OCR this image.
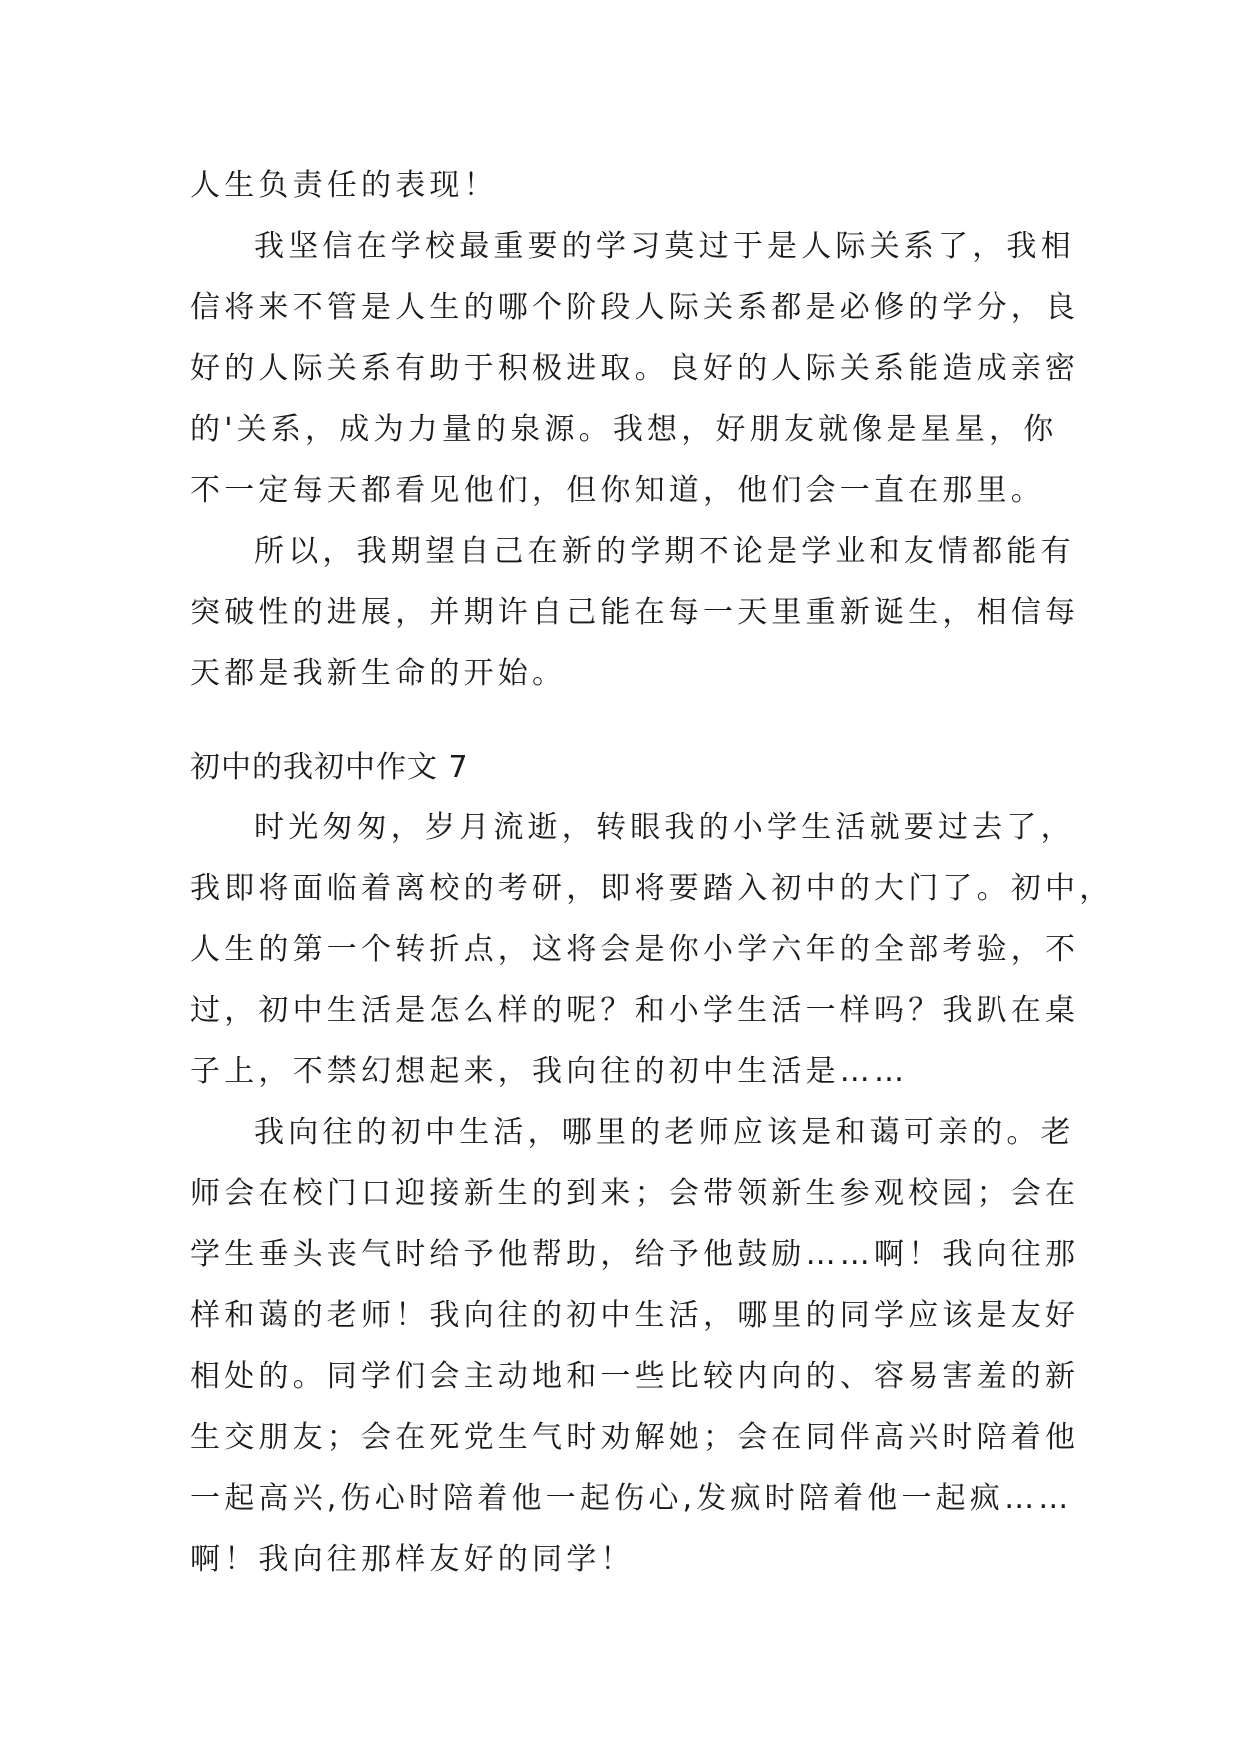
人生负责任的表现！

我坚信在学校最重要的学习莫过于是人际关系了，我相

信将来不管是人生的哪个阶段人际关系都是必修的学分，良

好的人际关系有助于积极进取。良好的人际关系能造成亲密

的'关系，成为力量的泉源。我想，好朋友就像是星星，你

不一定每天都看见他们，但你知道，他们会一直在那里。

所以，我期望自己在新的学期不论是学业和友情都能有

突破性的进展，并期许自己能在每一天里重新诞生，相信每

天都是我新生命的开始。

初中的我初中作文 7

时光匆匆，岁月流逝，转眼我的小学生活就要过去了，

我即将面临着离校的考研，即将要踏入初中的大门了。初中，

人生的第一个转折点，这将会是你小学六年的全部考验，不

过，初中生活是怎么样的呢？和小学生活一样吗？我趴在桌

子上，不禁幻想起来，我向往的初中生活是……

我向往的初中生活，哪里的老师应该是和蔼可亲的。老

师会在校门口迎接新生的到来；会带领新生参观校园；会在

学生垂头丧气时给予他帮助，给予他鼓励……啊！我向往那

样和蔼的老师！我向往的初中生活，哪里的同学应该是友好

相处的。同学们会主动地和一些比较内向的、容易害羞的新

生交朋友；会在死党生气时劝解她；会在同伴高兴时陪着他

一起高兴,伤心时陪着他一起伤心,发疯时陪着他一起疯……

啊！我向往那样友好的同学！
